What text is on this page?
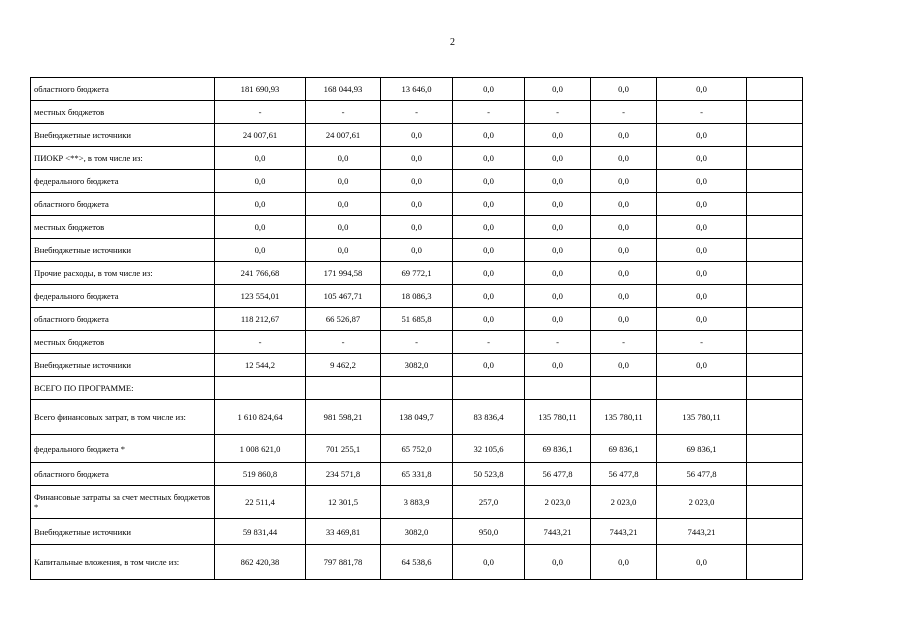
2
областного бюджета	181 690,93	168 044,93	13 646,0	0,0	0,0	0,0	0,0	
местных бюджетов	-	-	-	-	-	-	-	
Внебюджетные источники	24 007,61	24 007,61	0,0	0,0	0,0	0,0	0,0	
ПИОКР <**>, в том числе из:	0,0	0,0	0,0	0,0	0,0	0,0	0,0	
федерального бюджета	0,0	0,0	0,0	0,0	0,0	0,0	0,0	
областного бюджета	0,0	0,0	0,0	0,0	0,0	0,0	0,0	
местных бюджетов	0,0	0,0	0,0	0,0	0,0	0,0	0,0	
Внебюджетные источники	0,0	0,0	0,0	0,0	0,0	0,0	0,0	
Прочие расходы, в том числе из:	241 766,68	171 994,58	69 772,1	0,0	0,0	0,0	0,0	
федерального бюджета	123 554,01	105 467,71	18 086,3	0,0	0,0	0,0	0,0	
областного бюджета	118 212,67	66 526,87	51 685,8	0,0	0,0	0,0	0,0	
местных бюджетов	-	-	-	-	-	-	-	
Внебюджетные источники	12 544,2	9 462,2	3082,0	0,0	0,0	0,0	0,0	
ВСЕГО ПО ПРОГРАММЕ:								
Всего финансовых затрат, в том числе из:	1 610 824,64	981 598,21	138 049,7	83 836,4	135 780,11	135 780,11	135 780,11	
федерального бюджета *	1 008 621,0	701 255,1	65 752,0	32 105,6	69 836,1	69 836,1	69 836,1	
областного бюджета	519 860,8	234 571,8	65 331,8	50 523,8	56 477,8	56 477,8	56 477,8	
Финансовые затраты за счет местных бюджетов *	22 511,4	12 301,5	3 883,9	257,0	2 023,0	2 023,0	2 023,0	
Внебюджетные источники	59 831,44	33 469,81	3082,0	950,0	7443,21	7443,21	7443,21	
Капитальные вложения, в том числе из:	862 420,38	797 881,78	64 538,6	0,0	0,0	0,0	0,0	
